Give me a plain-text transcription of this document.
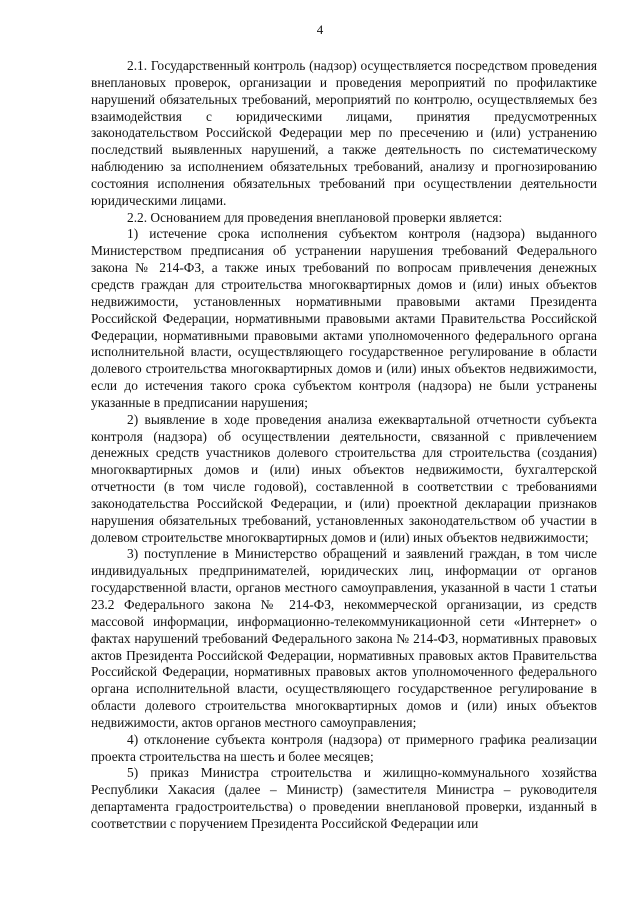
4

2.1. Государственный контроль (надзор) осуществляется посредством проведения внеплановых проверок, организации и проведения мероприятий по профилактике нарушений обязательных требований, мероприятий по контролю, осуществляемых без взаимодействия с юридическими лицами, принятия предусмотренных законодательством Российской Федерации мер по пресечению и (или) устранению последствий выявленных нарушений, а также деятельность по систематическому наблюдению за исполнением обязательных требований, анализу и прогнозированию состояния исполнения обязательных требований при осуществлении деятельности юридическими лицами.

2.2. Основанием для проведения внеплановой проверки является:

1) истечение срока исполнения субъектом контроля (надзора) выданного Министерством предписания об устранении нарушения требований Федерального закона № 214-ФЗ, а также иных требований по вопросам привлечения денежных средств граждан для строительства многоквартирных домов и (или) иных объектов недвижимости, установленных нормативными правовыми актами Президента Российской Федерации, нормативными правовыми актами Правительства Российской Федерации, нормативными правовыми актами уполномоченного федерального органа исполнительной власти, осуществляющего государственное регулирование в области долевого строительства многоквартирных домов и (или) иных объектов недвижимости, если до истечения такого срока субъектом контроля (надзора) не были устранены указанные в предписании нарушения;

2) выявление в ходе проведения анализа ежеквартальной отчетности субъекта контроля (надзора) об осуществлении деятельности, связанной с привлечением денежных средств участников долевого строительства для строительства (создания) многоквартирных домов и (или) иных объектов недвижимости, бухгалтерской отчетности (в том числе годовой), составленной в соответствии с требованиями законодательства Российской Федерации, и (или) проектной декларации признаков нарушения обязательных требований, установленных законодательством об участии в долевом строительстве многоквартирных домов и (или) иных объектов недвижимости;

3) поступление в Министерство обращений и заявлений граждан, в том числе индивидуальных предпринимателей, юридических лиц, информации от органов государственной власти, органов местного самоуправления, указанной в части 1 статьи 23.2 Федерального закона № 214-ФЗ, некоммерческой организации, из средств массовой информации, информационно-телекоммуникационной сети «Интернет» о фактах нарушений требований Федерального закона № 214-ФЗ, нормативных правовых актов Президента Российской Федерации, нормативных правовых актов Правительства Российской Федерации, нормативных правовых актов уполномоченного федерального органа исполнительной власти, осуществляющего государственное регулирование в области долевого строительства многоквартирных домов и (или) иных объектов недвижимости, актов органов местного самоуправления;

4) отклонение субъекта контроля (надзора) от примерного графика реализации проекта строительства на шесть и более месяцев;

5) приказ Министра строительства и жилищно-коммунального хозяйства Республики Хакасия (далее – Министр) (заместителя Министра – руководителя департамента градостроительства) о проведении внеплановой проверки, изданный в соответствии с поручением Президента Российской Федерации или
